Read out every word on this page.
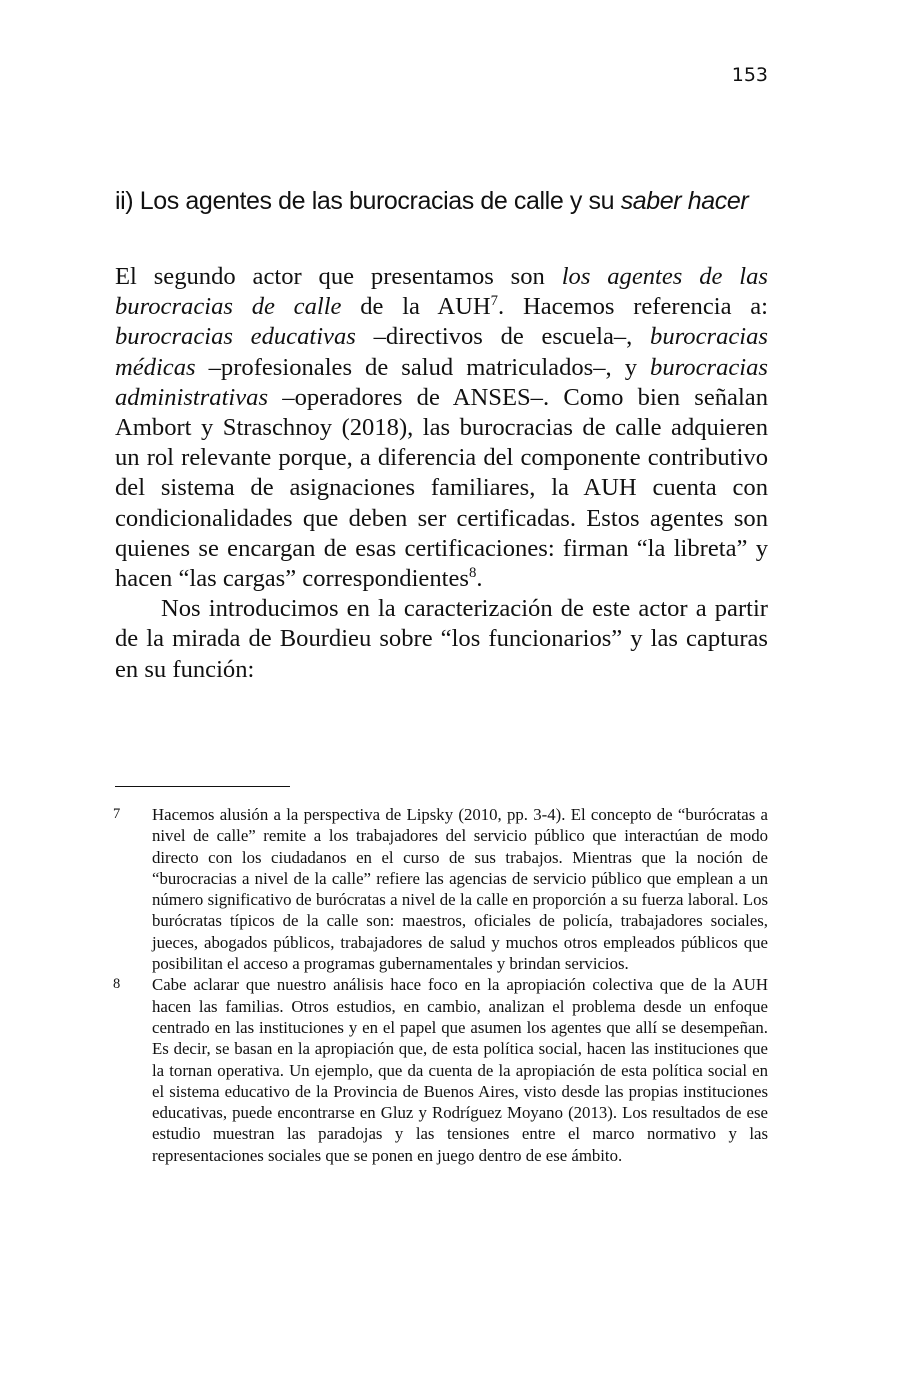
153
ii) Los agentes de las burocracias de calle y su saber hacer

El segundo actor que presentamos son los agentes de las burocracias de calle de la AUH$^7$. Hacemos referencia a: burocracias educativas –directivos de escuela–, burocracias médicas –profesionales de salud matriculados–, y burocracias administrativas –operadores de ANSES–. Como bien señalan Ambort y Straschnoy (2018), las burocracias de calle adquieren un rol relevante porque, a diferencia del componente contributivo del sistema de asignaciones familiares, la AUH cuenta con condicionalidades que deben ser certificadas. Estos agentes son quienes se encargan de esas certificaciones: firman “la libreta” y hacen “las cargas” correspondientes$^8$.

Nos introducimos en la caracterización de este actor a partir de la mirada de Bourdieu sobre “los funcionarios” y las capturas en su función:

7	Hacemos alusión a la perspectiva de Lipsky (2010, pp. 3-4). El concepto de “burócratas a nivel de calle” remite a los trabajadores del servicio público que interactúan de modo directo con los ciudadanos en el curso de sus trabajos. Mientras que la noción de “burocracias a nivel de la calle” refiere las agencias de servicio público que emplean a un número significativo de burócratas a nivel de la calle en proporción a su fuerza laboral. Los burócratas típicos de la calle son: maestros, oficiales de policía, trabajadores sociales, jueces, abogados públicos, trabajadores de salud y muchos otros empleados públicos que posibilitan el acceso a programas gubernamentales y brindan servicios.
8	Cabe aclarar que nuestro análisis hace foco en la apropiación colectiva que de la AUH hacen las familias. Otros estudios, en cambio, analizan el problema desde un enfoque centrado en las instituciones y en el papel que asumen los agentes que allí se desempeñan. Es decir, se basan en la apropiación que, de esta política social, hacen las instituciones que la tornan operativa. Un ejemplo, que da cuenta de la apropiación de esta política social en el sistema educativo de la Provincia de Buenos Aires, visto desde las propias instituciones educativas, puede encontrarse en Gluz y Rodríguez Moyano (2013). Los resultados de ese estudio muestran las paradojas y las tensiones entre el marco normativo y las representaciones sociales que se ponen en juego dentro de ese ámbito.
